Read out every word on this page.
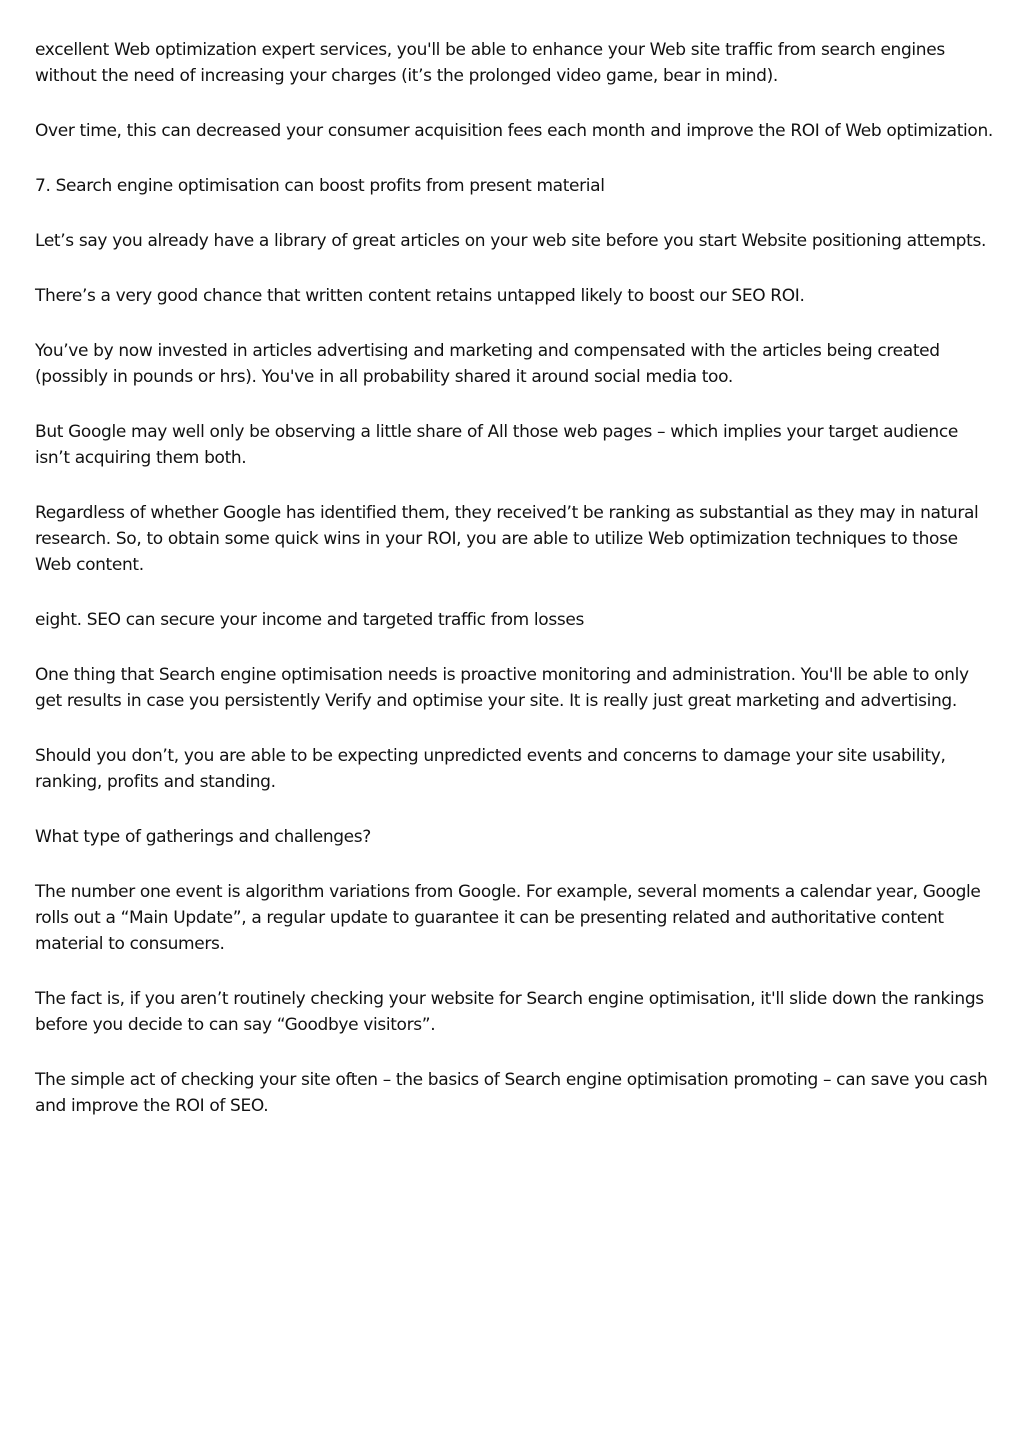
excellent Web optimization expert services, you'll be able to enhance your Web site traffic from search engines without the need of increasing your charges (it’s the prolonged video game, bear in mind).

Over time, this can decreased your consumer acquisition fees each month and improve the ROI of Web optimization.

7. Search engine optimisation can boost profits from present material

Let’s say you already have a library of great articles on your web site before you start Website positioning attempts.

There’s a very good chance that written content retains untapped likely to boost our SEO ROI.

You’ve by now invested in articles advertising and marketing and compensated with the articles being created (possibly in pounds or hrs). You've in all probability shared it around social media too.

But Google may well only be observing a little share of All those web pages – which implies your target audience isn’t acquiring them both.

Regardless of whether Google has identified them, they received’t be ranking as substantial as they may in natural research. So, to obtain some quick wins in your ROI, you are able to utilize Web optimization techniques to those Web content.

eight. SEO can secure your income and targeted traffic from losses

One thing that Search engine optimisation needs is proactive monitoring and administration. You'll be able to only get results in case you persistently Verify and optimise your site. It is really just great marketing and advertising.

Should you don’t, you are able to be expecting unpredicted events and concerns to damage your site usability, ranking, profits and standing.

What type of gatherings and challenges?

The number one event is algorithm variations from Google. For example, several moments a calendar year, Google rolls out a “Main Update”, a regular update to guarantee it can be presenting related and authoritative content material to consumers.

The fact is, if you aren’t routinely checking your website for Search engine optimisation, it'll slide down the rankings before you decide to can say “Goodbye visitors”.

The simple act of checking your site often – the basics of Search engine optimisation promoting – can save you cash and improve the ROI of SEO.
